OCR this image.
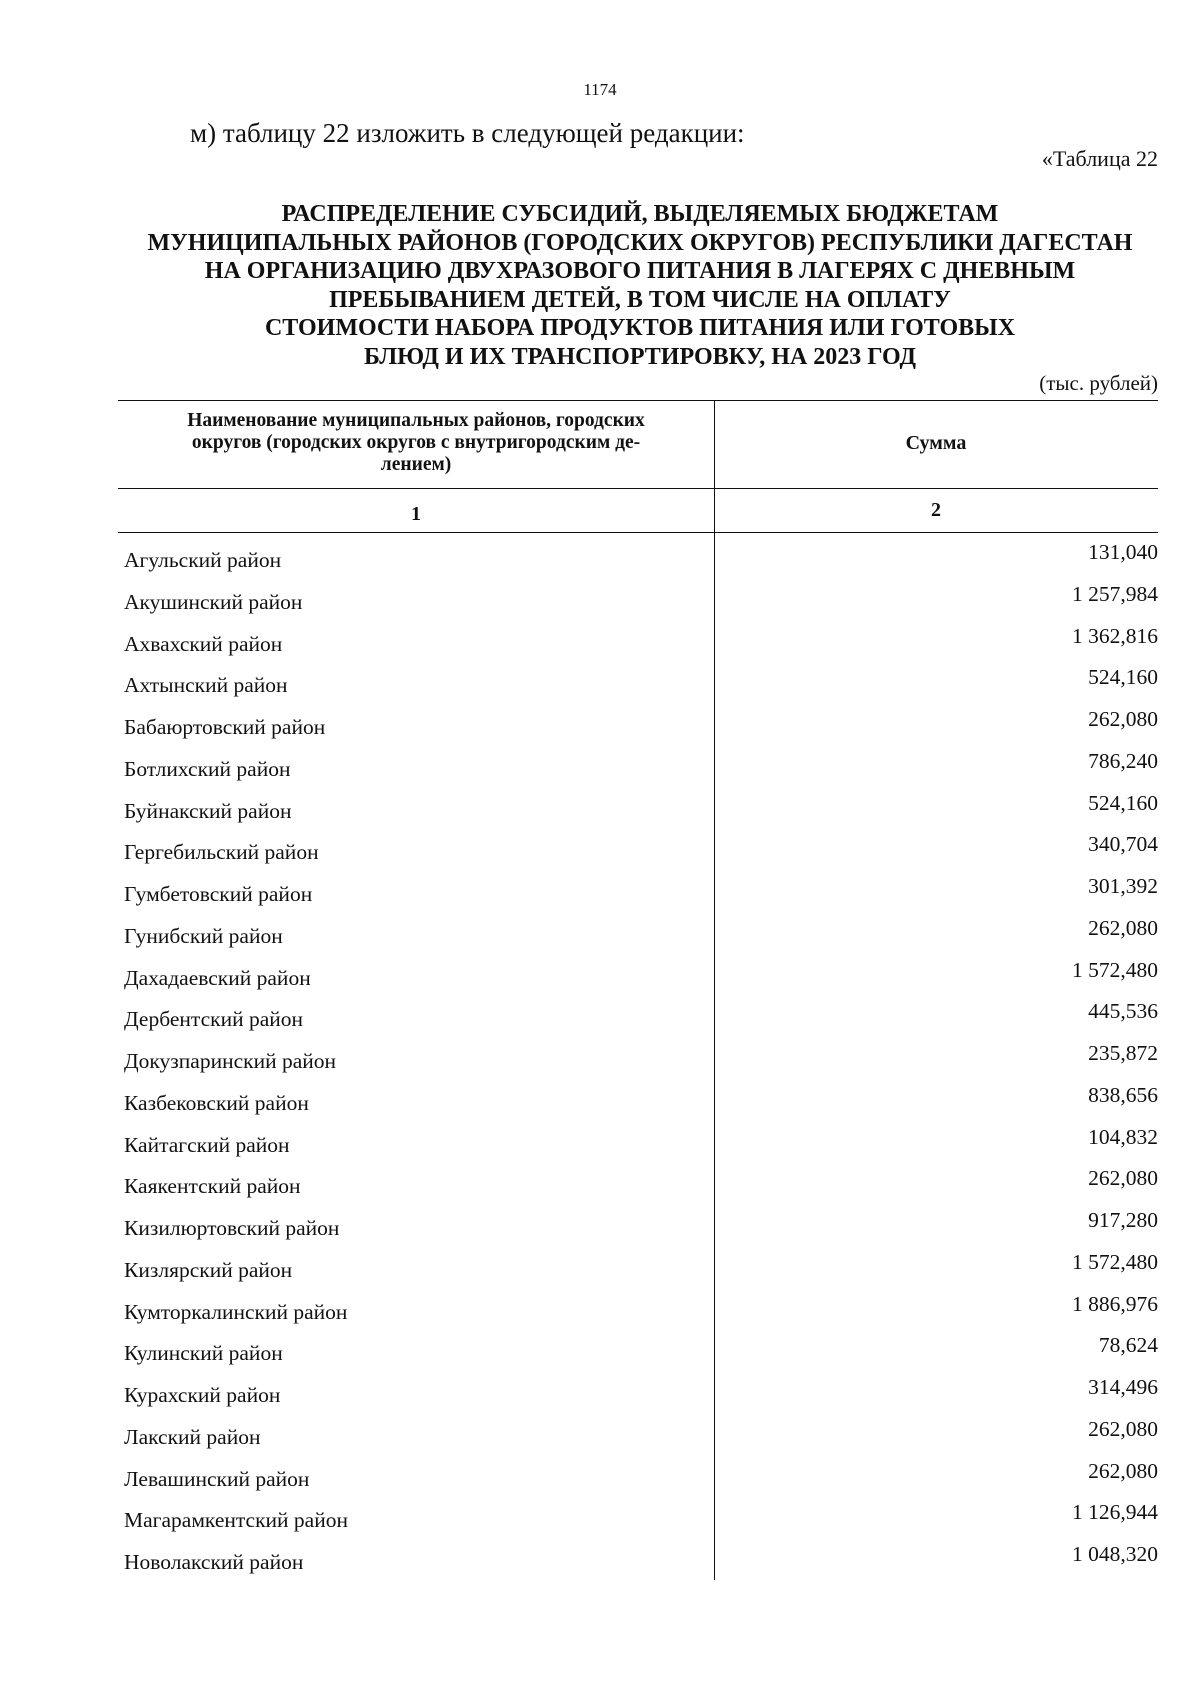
1174
м) таблицу 22 изложить в следующей редакции:
«Таблица 22
РАСПРЕДЕЛЕНИЕ СУБСИДИЙ, ВЫДЕЛЯЕМЫХ БЮДЖЕТАМ
МУНИЦИПАЛЬНЫХ РАЙОНОВ (ГОРОДСКИХ ОКРУГОВ) РЕСПУБЛИКИ ДАГЕСТАН
НА ОРГАНИЗАЦИЮ ДВУХРАЗОВОГО ПИТАНИЯ В ЛАГЕРЯХ С ДНЕВНЫМ
ПРЕБЫВАНИЕМ ДЕТЕЙ, В ТОМ ЧИСЛЕ НА ОПЛАТУ
СТОИМОСТИ НАБОРА ПРОДУКТОВ ПИТАНИЯ ИЛИ ГОТОВЫХ
БЛЮД И ИХ ТРАНСПОРТИРОВКУ, НА 2023 ГОД
(тыс. рублей)
Наименование муниципальных районов, городских
округов (городских округов с внутригородским де-
лением)
Сумма
1	2
Агульский район	131,040
Акушинский район	1 257,984
Ахвахский район	1 362,816
Ахтынский район	524,160
Бабаюртовский район	262,080
Ботлихский район	786,240
Буйнакский район	524,160
Гергебильский район	340,704
Гумбетовский район	301,392
Гунибский район	262,080
Дахадаевский район	1 572,480
Дербентский район	445,536
Докузпаринский район	235,872
Казбековский район	838,656
Кайтагский район	104,832
Каякентский район	262,080
Кизилюртовский район	917,280
Кизлярский район	1 572,480
Кумторкалинский район	1 886,976
Кулинский район	78,624
Курахский район	314,496
Лакский район	262,080
Левашинский район	262,080
Магарамкентский район	1 126,944
Новолакский район	1 048,320
